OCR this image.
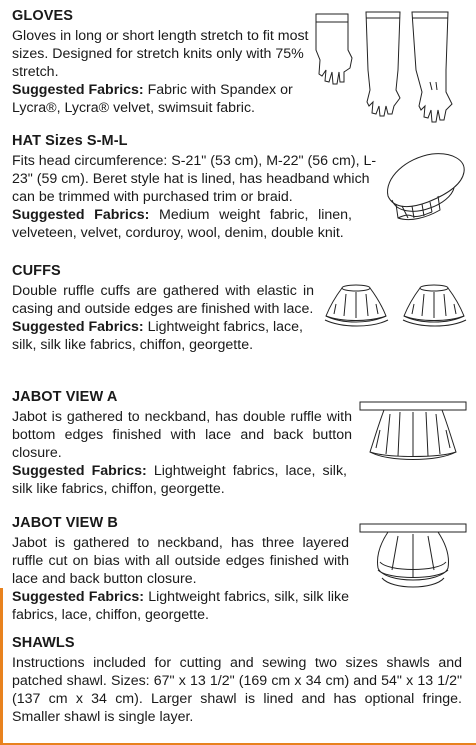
GLOVES

Gloves in long or short length stretch to fit most sizes. Designed for stretch knits only with 75% stretch.
Suggested Fabrics: Fabric with Spandex or Lycra®, Lycra® velvet, swimsuit fabric.

HAT Sizes S-M-L

Fits head circumference: S-21" (53 cm), M-22" (56 cm), L-23" (59 cm). Beret style hat is lined, has headband which can be trimmed with purchased trim or braid.

Suggested Fabrics: Medium weight fabric, linen, velveteen, velvet, corduroy, wool, denim, double knit.

CUFFS

Double ruffle cuffs are gathered with elastic in casing and outside edges are finished with lace.

Suggested Fabrics: Lightweight fabrics, lace, silk, silk like fabrics, chiffon, georgette.

JABOT VIEW A

Jabot is gathered to neckband, has double ruffle with bottom edges finished with lace and back button closure.

Suggested Fabrics: Lightweight fabrics, lace, silk, silk like fabrics, chiffon, georgette.

JABOT VIEW B

Jabot is gathered to neckband, has three layered ruffle cut on bias with all outside edges finished with lace and back button closure.

Suggested Fabrics: Lightweight fabrics, silk, silk like fabrics, lace, chiffon, georgette.

SHAWLS

Instructions included for cutting and sewing two sizes shawls and patched shawl. Sizes: 67" x 13 1/2" (169 cm x 34 cm) and 54" x 13 1/2" (137 cm x 34 cm). Larger shawl is lined and has optional fringe. Smaller shawl is single layer.
